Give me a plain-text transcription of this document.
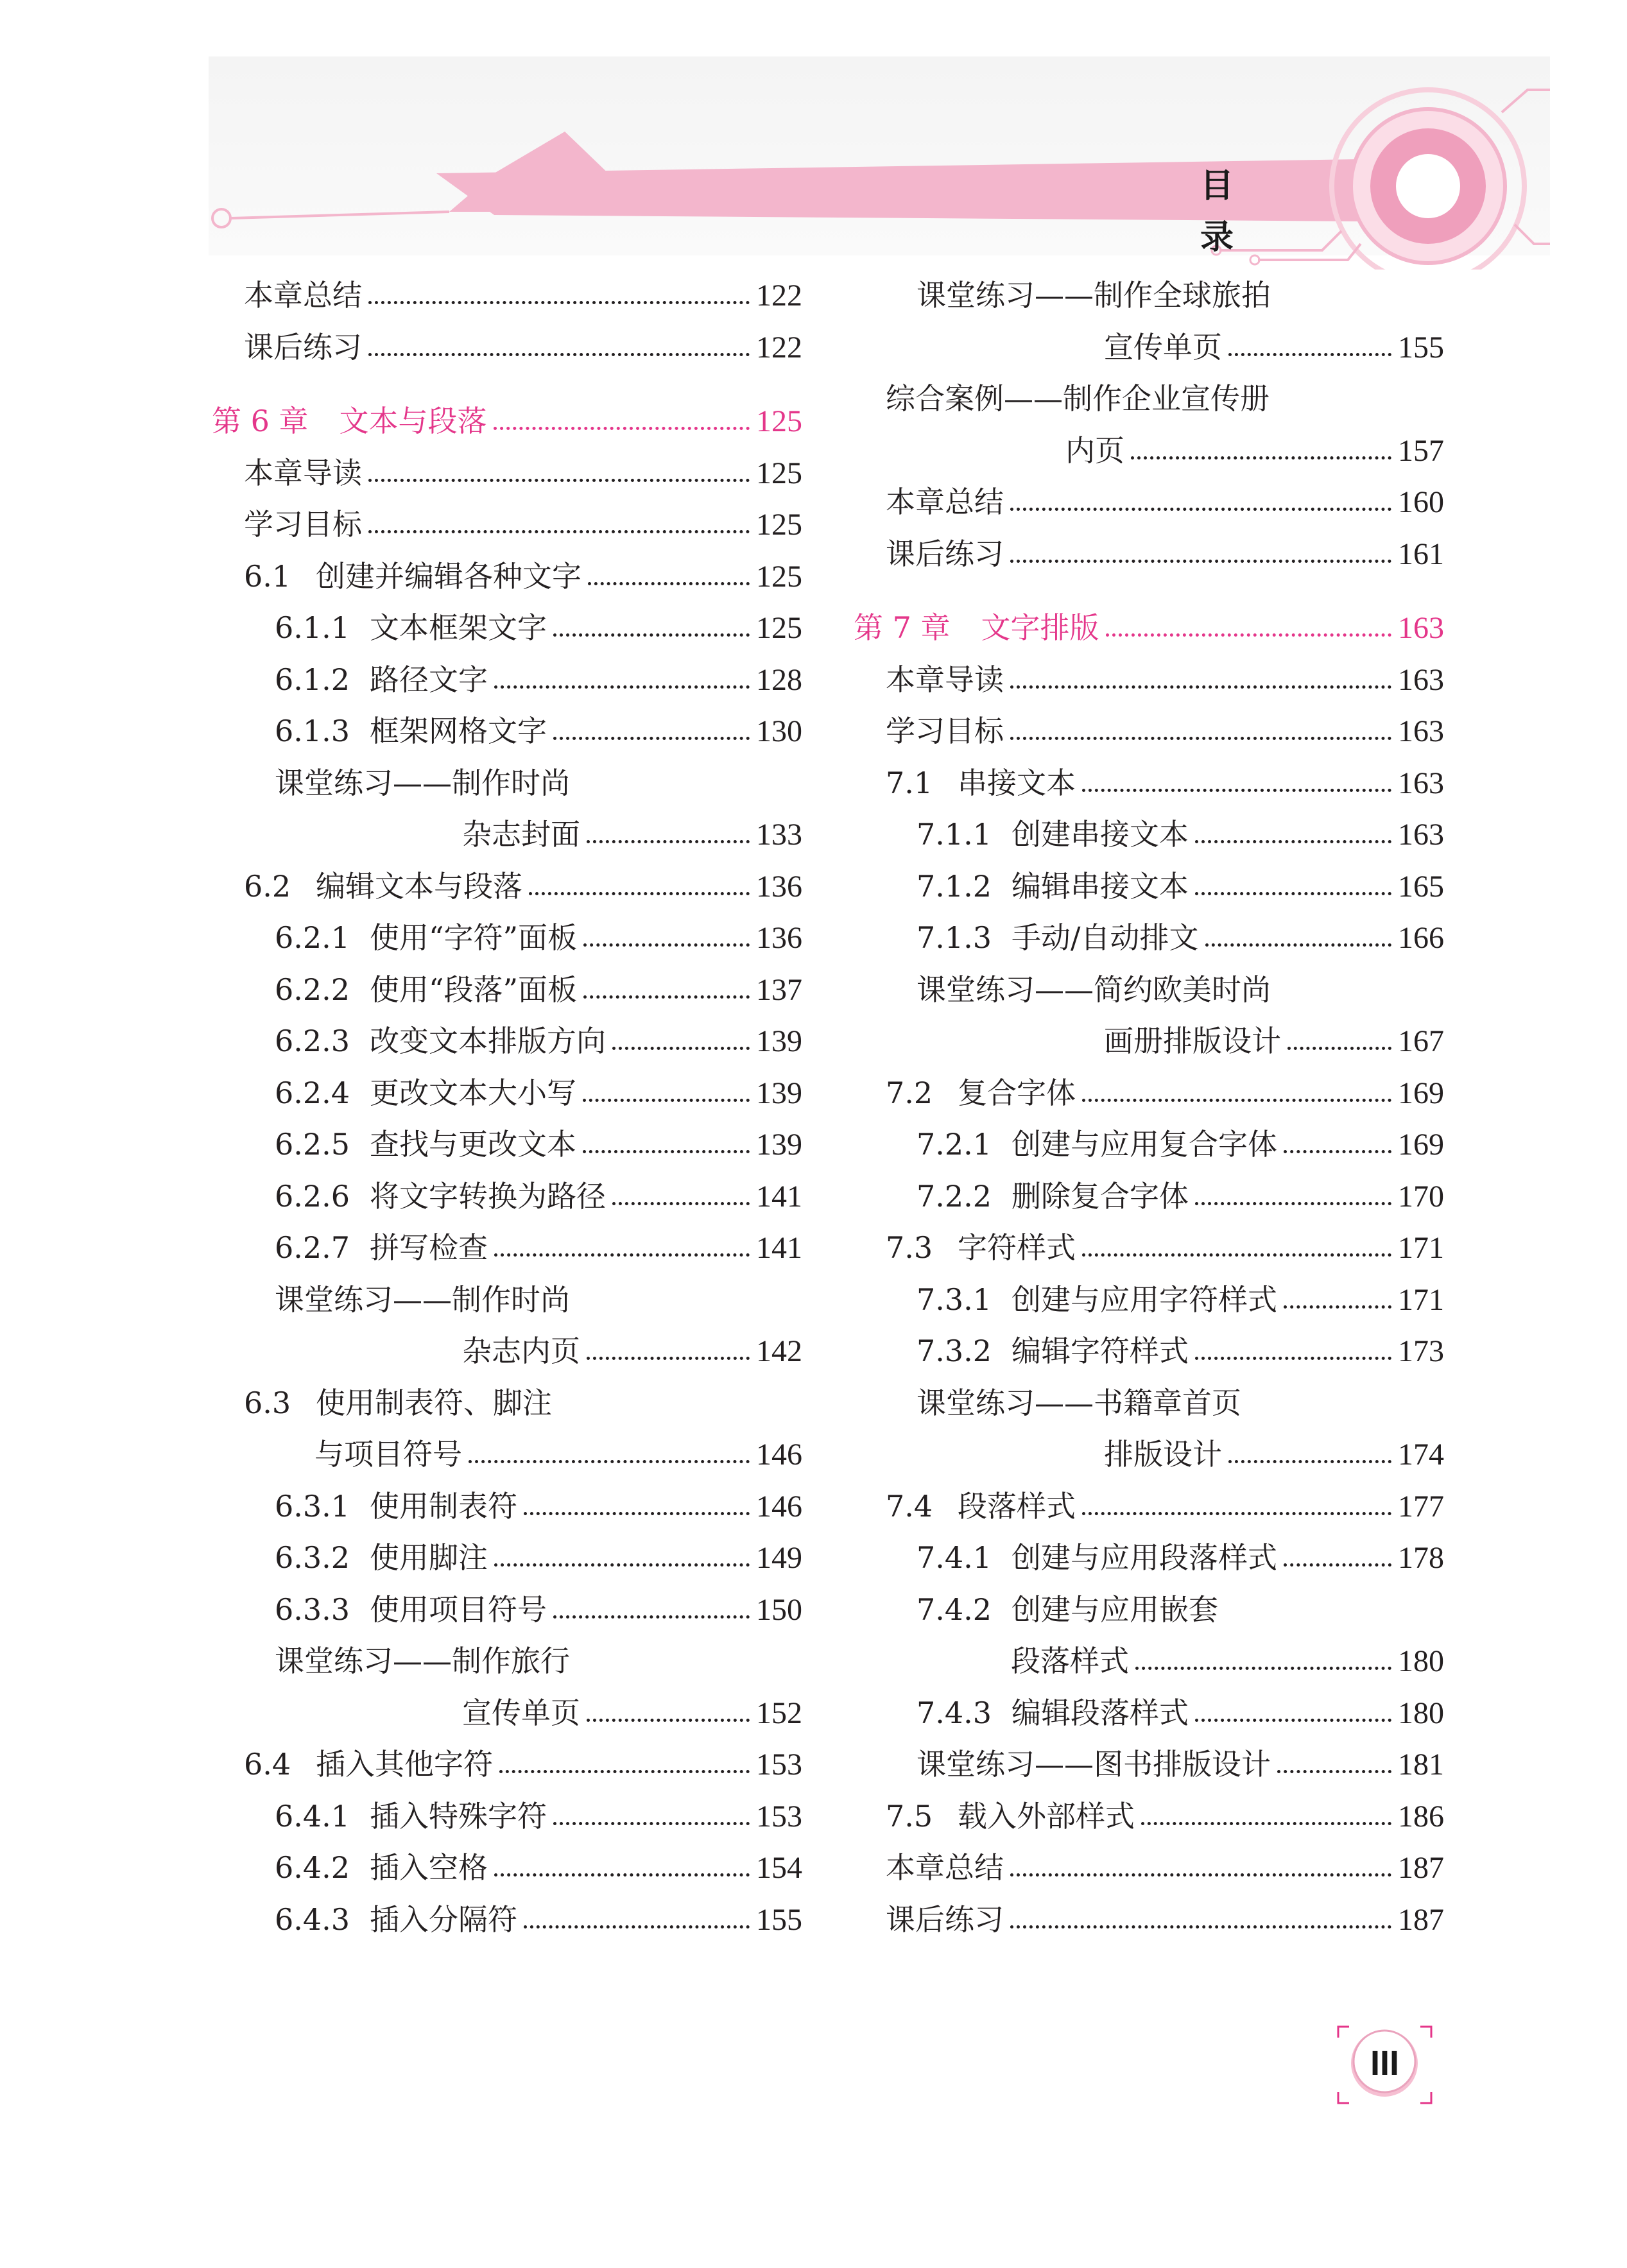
目 录
本章总结	122
课后练习	122
第 6 章 文本与段落	125
本章导读	125
学习目标	125
6.1 创建并编辑各种文字	125
6.1.1 文本框架文字	125
6.1.2 路径文字	128
6.1.3 框架网格文字	130
课堂练习——制作时尚
杂志封面	133
6.2 编辑文本与段落	136
6.2.1 使用“字符”面板	136
6.2.2 使用“段落”面板	137
6.2.3 改变文本排版方向	139
6.2.4 更改文本大小写	139
6.2.5 查找与更改文本	139
6.2.6 将文字转换为路径	141
6.2.7 拼写检查	141
课堂练习——制作时尚
杂志内页	142
6.3 使用制表符、脚注
与项目符号	146
6.3.1 使用制表符	146
6.3.2 使用脚注	149
6.3.3 使用项目符号	150
课堂练习——制作旅行
宣传单页	152
6.4 插入其他字符	153
6.4.1 插入特殊字符	153
6.4.2 插入空格	154
6.4.3 插入分隔符	155
课堂练习——制作全球旅拍
宣传单页	155
综合案例——制作企业宣传册
内页	157
本章总结	160
课后练习	161
第 7 章 文字排版	163
本章导读	163
学习目标	163
7.1 串接文本	163
7.1.1 创建串接文本	163
7.1.2 编辑串接文本	165
7.1.3 手动/自动排文	166
课堂练习——简约欧美时尚
画册排版设计	167
7.2 复合字体	169
7.2.1 创建与应用复合字体	169
7.2.2 删除复合字体	170
7.3 字符样式	171
7.3.1 创建与应用字符样式	171
7.3.2 编辑字符样式	173
课堂练习——书籍章首页
排版设计	174
7.4 段落样式	177
7.4.1 创建与应用段落样式	178
7.4.2 创建与应用嵌套
段落样式	180
7.4.3 编辑段落样式	180
课堂练习——图书排版设计	181
7.5 载入外部样式	186
本章总结	187
课后练习	187
III
